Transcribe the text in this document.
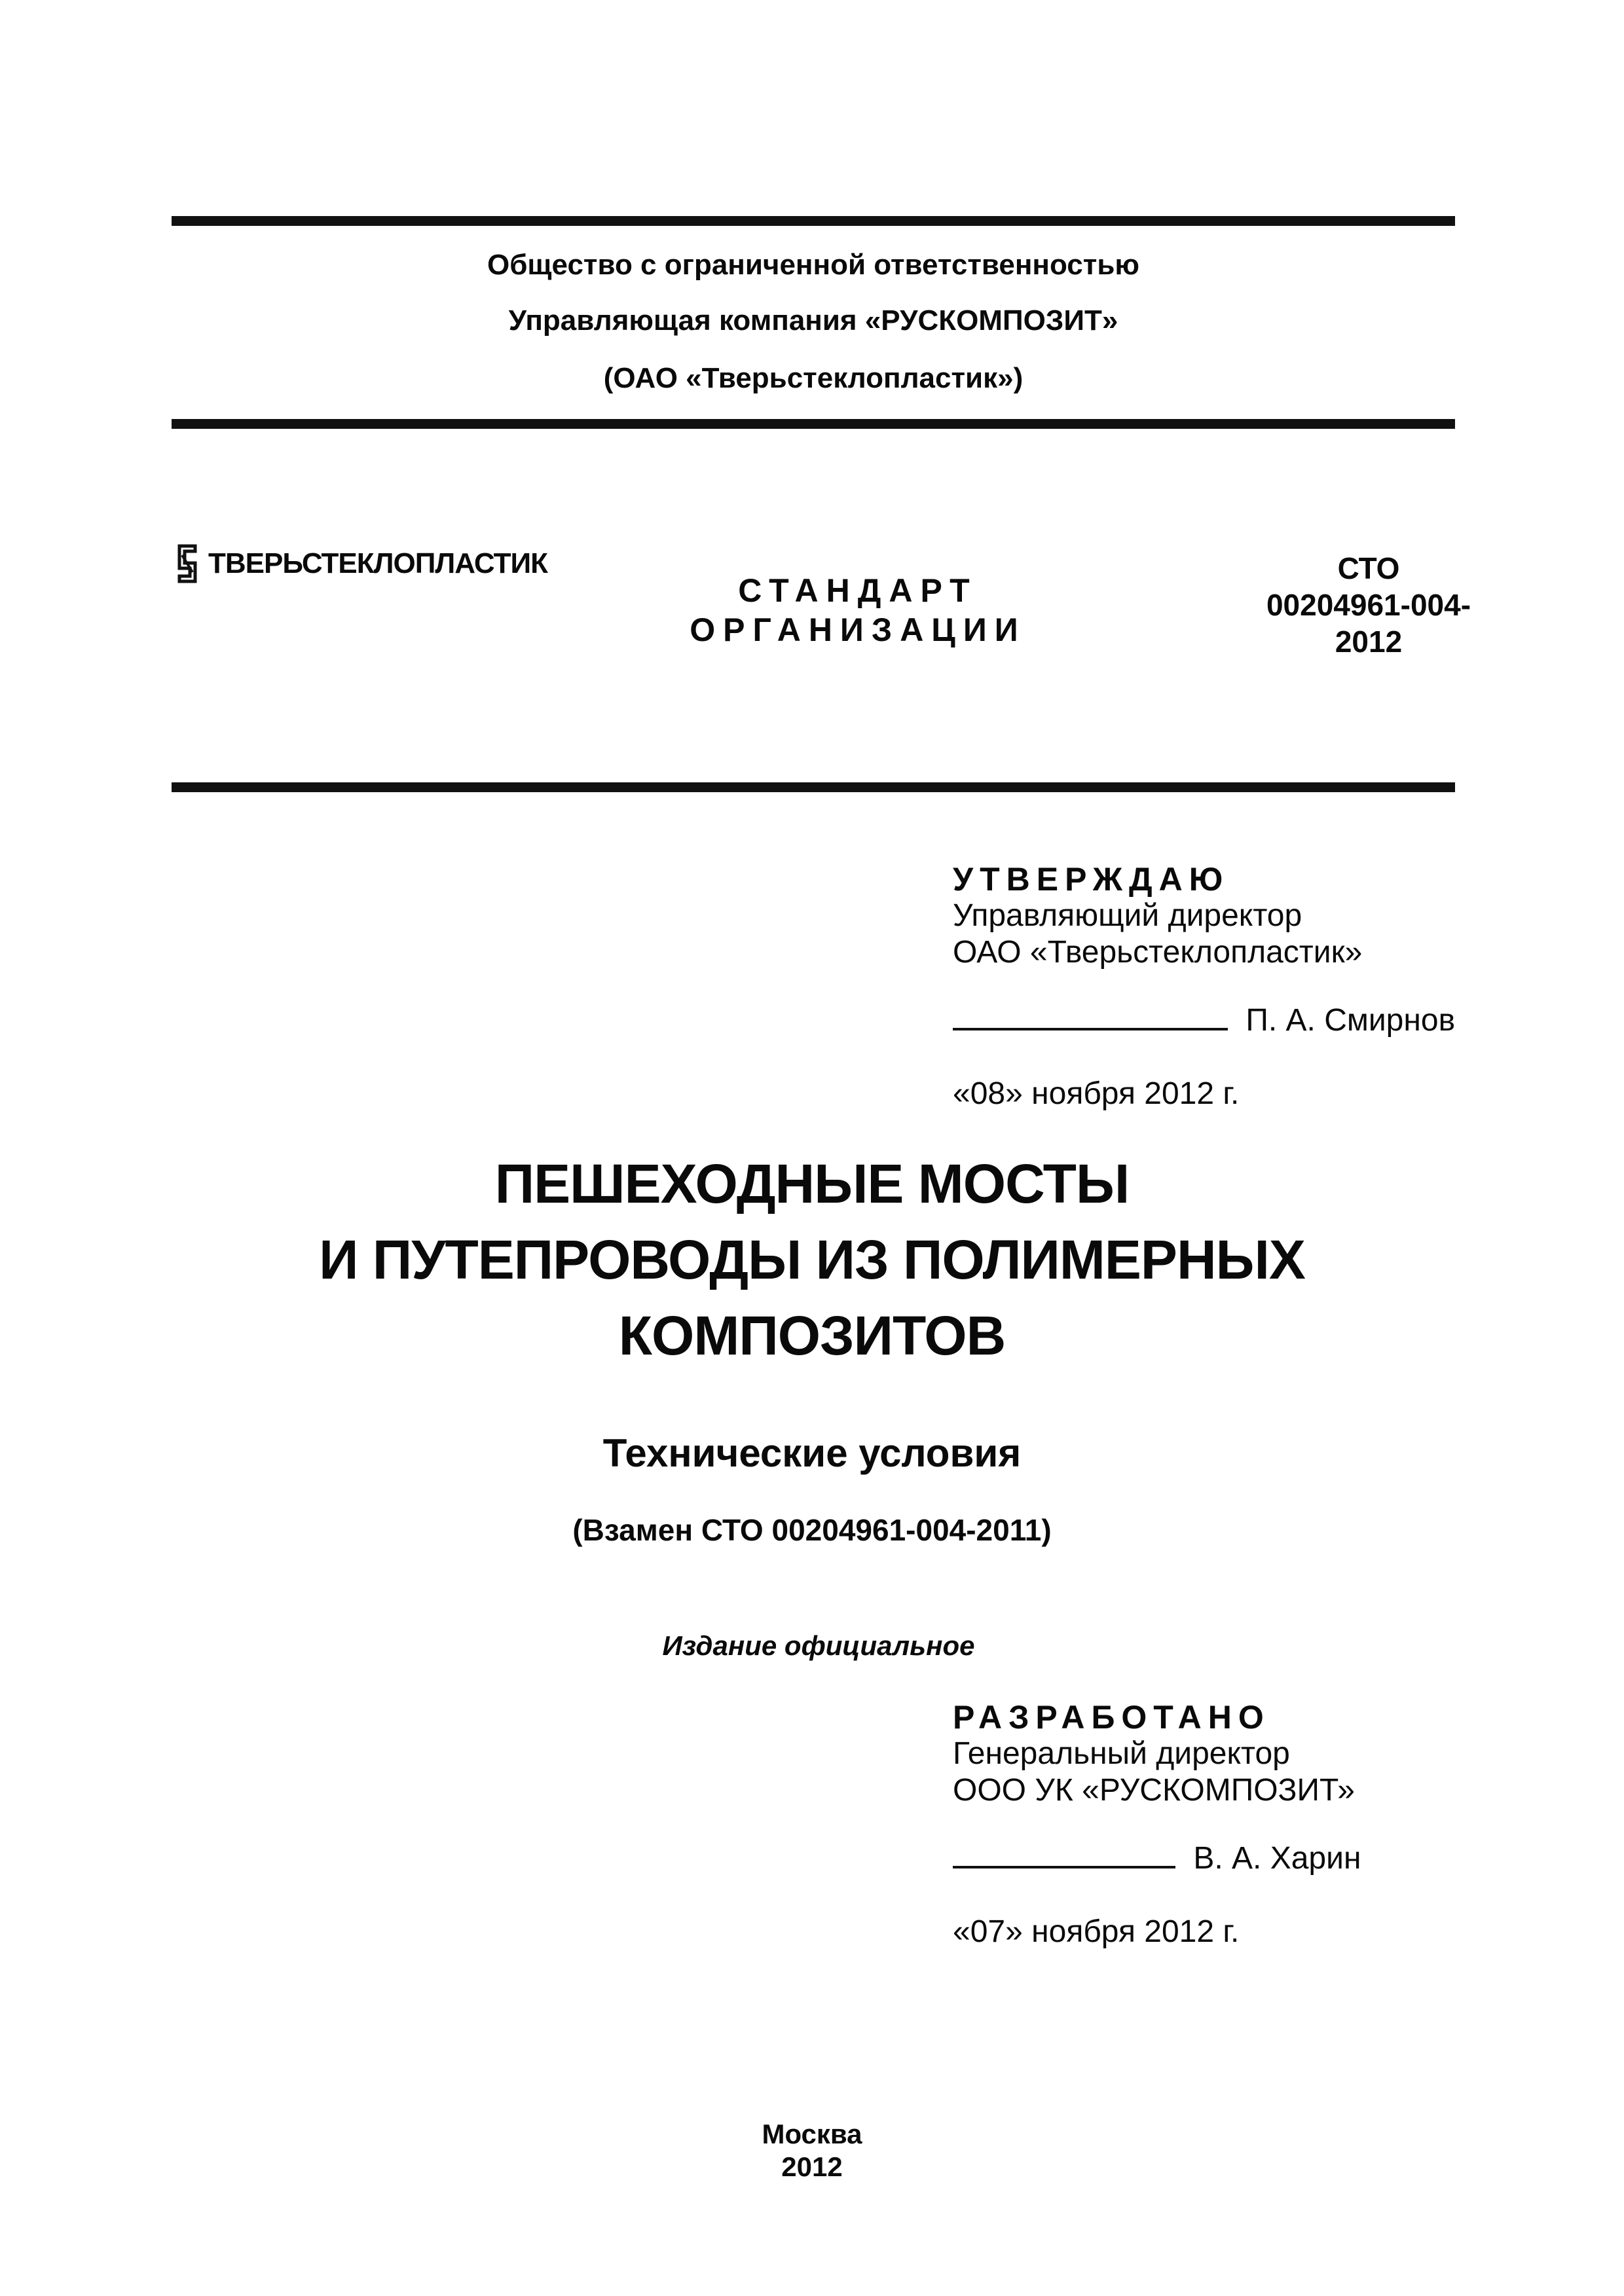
Общество с ограниченной ответственностью
Управляющая компания «РУСКОМПОЗИТ»
(ОАО «Тверьстеклопластик»)
ТВЕРЬСТЕКЛОПЛАСТИК
СТАНДАРТ
ОРГАНИЗАЦИИ
СТО
00204961-004-
2012
УТВЕРЖДАЮ
Управляющий директор
ОАО «Тверьстеклопластик»
П. А. Смирнов
«08» ноября 2012 г.
ПЕШЕХОДНЫЕ МОСТЫ
И ПУТЕПРОВОДЫ ИЗ ПОЛИМЕРНЫХ
КОМПОЗИТОВ
Технические условия
(Взамен СТО 00204961-004-2011)
Издание официальное
РАЗРАБОТАНО
Генеральный директор
ООО УК «РУСКОМПОЗИТ»
В. А. Харин
«07» ноября 2012 г.
Москва
2012
